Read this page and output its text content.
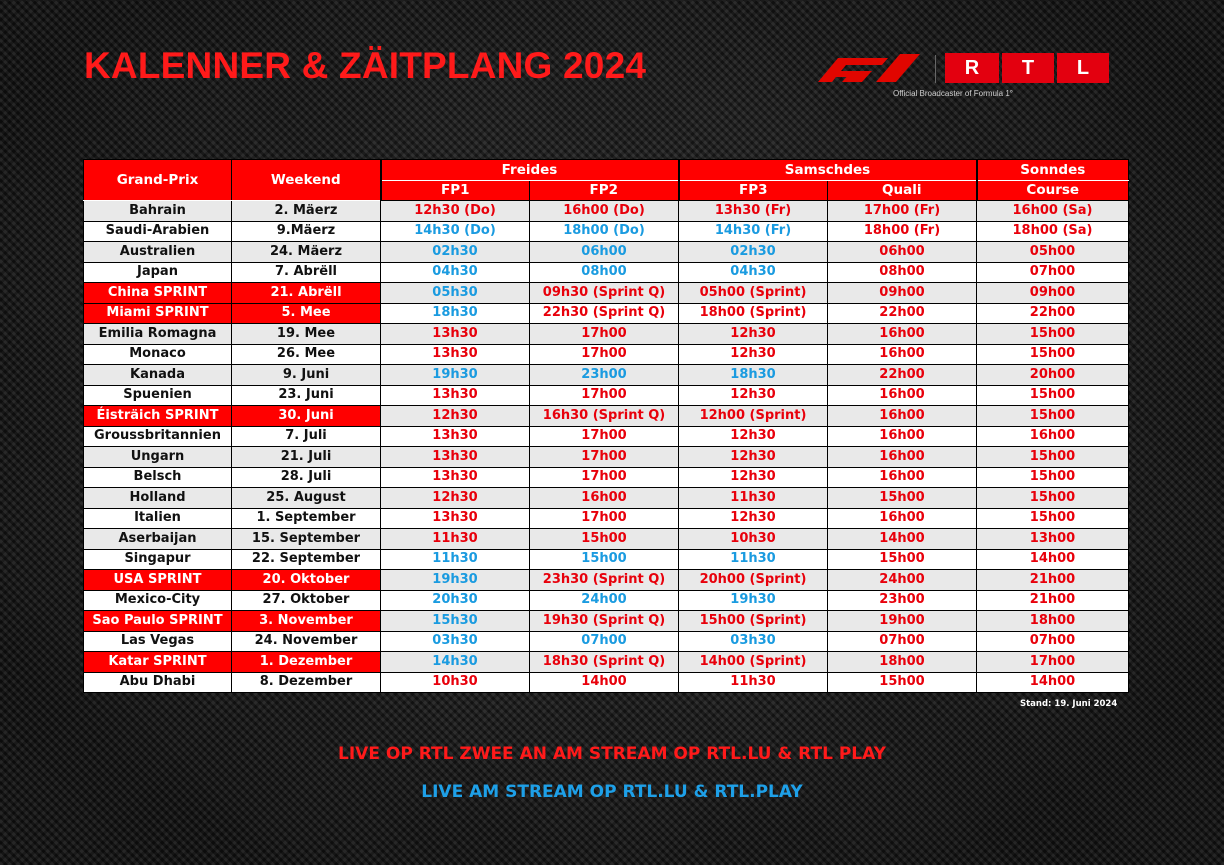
KALENNER & ZÄITPLANG 2024	R	T	L
Official Broadcaster of Formula 1°
Grand-Prix	Weekend	Freides		Samschdes		Sonndes
		FP1	FP2	FP3	Quali	Course
Bahrain	2. Mäerz	12h30 (Do)	16h00 (Do)	13h30 (Fr)	17h00 (Fr)	16h00 (Sa)
Saudi-Arabien	9.Mäerz	14h30 (Do)	18h00 (Do)	14h30 (Fr)	18h00 (Fr)	18h00 (Sa)
Australien	24. Mäerz	02h30	06h00	02h30	06h00	05h00
Japan	7. Abrëll	04h30	08h00	04h30	08h00	07h00
China SPRINT	21. Abrëll	05h30	09h30 (Sprint Q)	05h00 (Sprint)	09h00	09h00
Miami SPRINT	5. Mee	18h30	22h30 (Sprint Q)	18h00 (Sprint)	22h00	22h00
Emilia Romagna	19. Mee	13h30	17h00	12h30	16h00	15h00
Monaco	26. Mee	13h30	17h00	12h30	16h00	15h00
Kanada	9. Juni	19h30	23h00	18h30	22h00	20h00
Spuenien	23. Juni	13h30	17h00	12h30	16h00	15h00
Éisträich SPRINT	30. Juni	12h30	16h30 (Sprint Q)	12h00 (Sprint)	16h00	15h00
Groussbritannien	7. Juli	13h30	17h00	12h30	16h00	16h00
Ungarn	21. Juli	13h30	17h00	12h30	16h00	15h00
Belsch	28. Juli	13h30	17h00	12h30	16h00	15h00
Holland	25. August	12h30	16h00	11h30	15h00	15h00
Italien	1. September	13h30	17h00	12h30	16h00	15h00
Aserbaijan	15. September	11h30	15h00	10h30	14h00	13h00
Singapur	22. September	11h30	15h00	11h30	15h00	14h00
USA SPRINT	20. Oktober	19h30	23h30 (Sprint Q)	20h00 (Sprint)	24h00	21h00
Mexico-City	27. Oktober	20h30	24h00	19h30	23h00	21h00
Sao Paulo SPRINT	3. November	15h30	19h30 (Sprint Q)	15h00 (Sprint)	19h00	18h00
Las Vegas	24. November	03h30	07h00	03h30	07h00	07h00
Katar SPRINT	1. Dezember	14h30	18h30 (Sprint Q)	14h00 (Sprint)	18h00	17h00
Abu Dhabi	8. Dezember	10h30	14h00	11h30	15h00	14h00
Stand: 19. Juni 2024

LIVE OP RTL ZWEE AN AM STREAM OP RTL.LU & RTL PLAY

LIVE AM STREAM OP RTL.LU & RTL.PLAY
